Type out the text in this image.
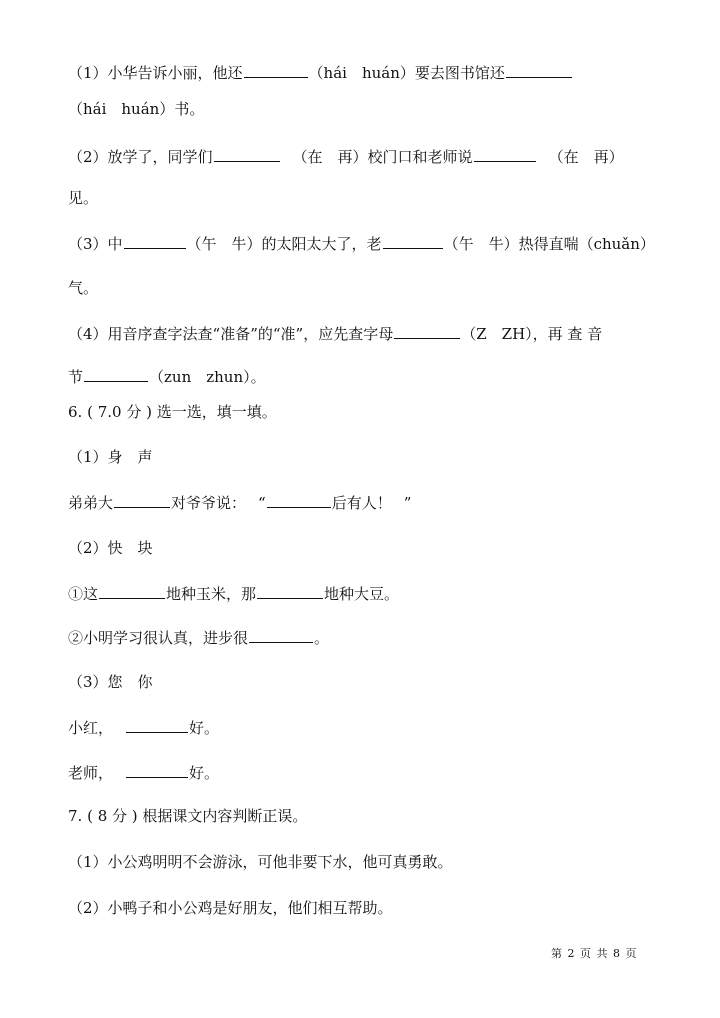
（1）小华告诉小丽，他还	（hái　huán）要去图书馆还
（hái　huán）书。
（2）放学了，同学们	（在　再）校门口和老师说	（在　再）
见。
（3）中	（午　牛）的太阳太大了，老	（午　牛）热得直喘（chuǎn）
气。
（4）用音序查字法查“准备”的“准”，应先查字母	（Z　ZH），再 查 音
节	（zun　zhun）。
6. ( 7.0 分 ) 选一选，填一填。
（1）身　声
弟弟大	对爷爷说： “	后有人！ ”
（2）快　块
①这	地种玉米，那	地种大豆。
②小明学习很认真，进步很	。
（3）您　你
小红，	好。
老师，	好。
7. ( 8 分 ) 根据课文内容判断正误。
（1）小公鸡明明不会游泳，可他非要下水，他可真勇敢。
（2）小鸭子和小公鸡是好朋友，他们相互帮助。
第 2 页 共 8 页
